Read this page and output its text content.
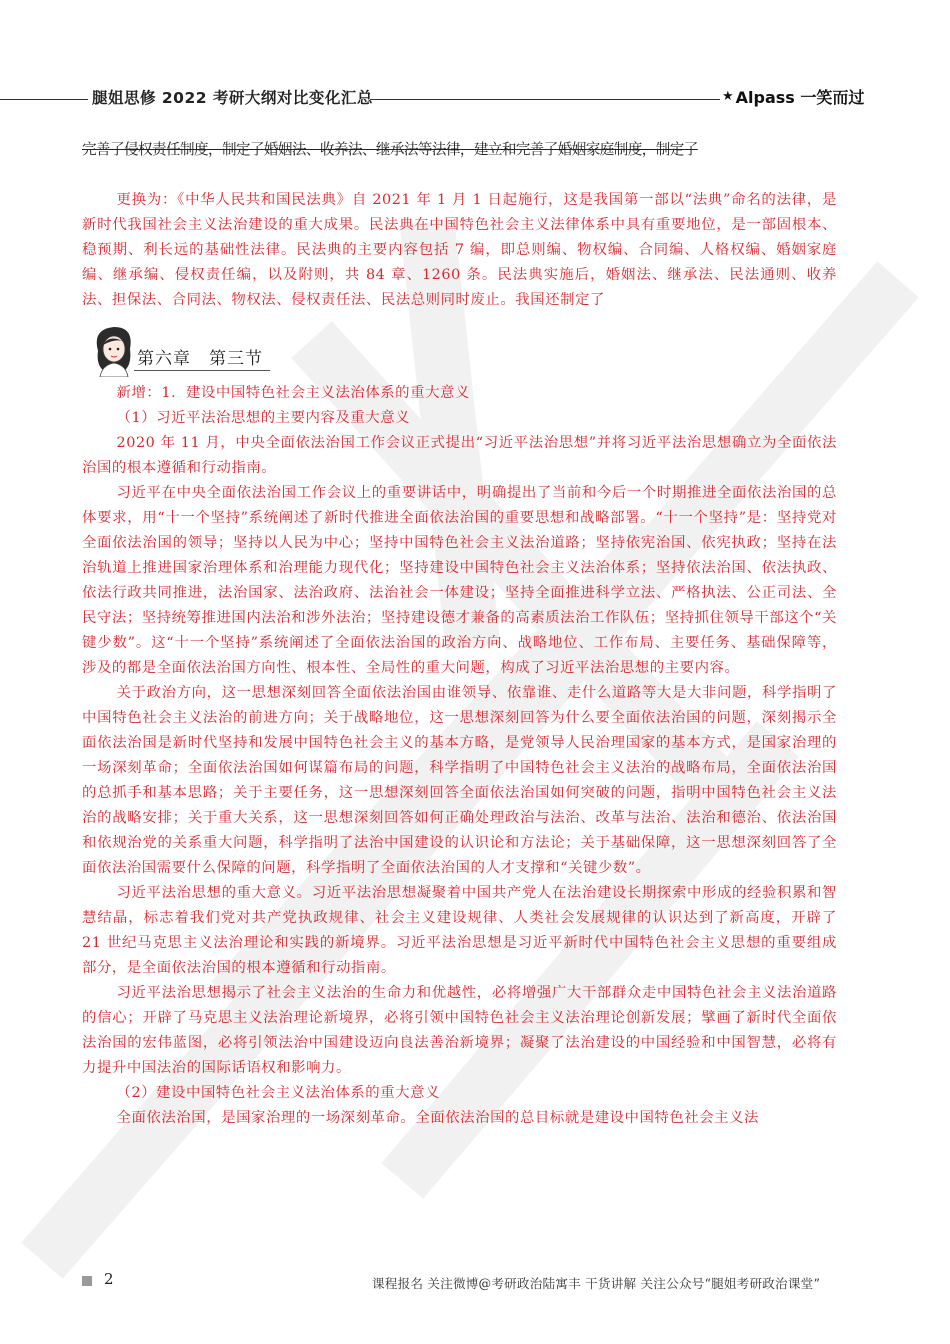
腿姐思修 2022 考研大纲对比变化汇总	★ Alpass 一笑而过
完善了侵权责任制度，制定了婚姻法、收养法、继承法等法律，建立和完善了婚姻家庭制度，制定了

更换为：《中华人民共和国民法典》自 2021 年 1 月 1 日起施行，这是我国第一部以“法典”命名的法律，是新时代我国社会主义法治建设的重大成果。民法典在中国特色社会主义法律体系中具有重要地位，是一部固根本、稳预期、利长远的基础性法律。民法典的主要内容包括 7 编，即总则编、物权编、合同编、人格权编、婚姻家庭编、继承编、侵权责任编，以及附则，共 84 章、1260 条。民法典实施后，婚姻法、继承法、民法通则、收养法、担保法、合同法、物权法、侵权责任法、民法总则同时废止。我国还制定了

第六章　第三节

新增：1．建设中国特色社会主义法治体系的重大意义

（1）习近平法治思想的主要内容及重大意义

2020 年 11 月，中央全面依法治国工作会议正式提出“习近平法治思想”并将习近平法治思想确立为全面依法治国的根本遵循和行动指南。

习近平在中央全面依法治国工作会议上的重要讲话中，明确提出了当前和今后一个时期推进全面依法治国的总体要求，用“十一个坚持”系统阐述了新时代推进全面依法治国的重要思想和战略部署。“十一个坚持”是：坚持党对全面依法治国的领导；坚持以人民为中心；坚持中国特色社会主义法治道路；坚持依宪治国、依宪执政；坚持在法治轨道上推进国家治理体系和治理能力现代化；坚持建设中国特色社会主义法治体系；坚持依法治国、依法执政、依法行政共同推进，法治国家、法治政府、法治社会一体建设；坚持全面推进科学立法、严格执法、公正司法、全民守法；坚持统筹推进国内法治和涉外法治；坚持建设德才兼备的高素质法治工作队伍；坚持抓住领导干部这个“关键少数”。这“十一个坚持”系统阐述了全面依法治国的政治方向、战略地位、工作布局、主要任务、基础保障等，涉及的都是全面依法治国方向性、根本性、全局性的重大问题，构成了习近平法治思想的主要内容。

关于政治方向，这一思想深刻回答全面依法治国由谁领导、依靠谁、走什么道路等大是大非问题，科学指明了中国特色社会主义法治的前进方向；关于战略地位，这一思想深刻回答为什么要全面依法治国的问题，深刻揭示全面依法治国是新时代坚持和发展中国特色社会主义的基本方略，是党领导人民治理国家的基本方式，是国家治理的一场深刻革命；全面依法治国如何谋篇布局的问题，科学指明了中国特色社会主义法治的战略布局，全面依法治国的总抓手和基本思路；关于主要任务，这一思想深刻回答全面依法治国如何突破的问题，指明中国特色社会主义法治的战略安排；关于重大关系，这一思想深刻回答如何正确处理政治与法治、改革与法治、法治和德治、依法治国和依规治党的关系重大问题，科学指明了法治中国建设的认识论和方法论；关于基础保障，这一思想深刻回答了全面依法治国需要什么保障的问题，科学指明了全面依法治国的人才支撑和“关键少数”。

习近平法治思想的重大意义。习近平法治思想凝聚着中国共产党人在法治建设长期探索中形成的经验积累和智慧结晶，标志着我们党对共产党执政规律、社会主义建设规律、人类社会发展规律的认识达到了新高度，开辟了 21 世纪马克思主义法治理论和实践的新境界。习近平法治思想是习近平新时代中国特色社会主义思想的重要组成部分，是全面依法治国的根本遵循和行动指南。

习近平法治思想揭示了社会主义法治的生命力和优越性，必将增强广大干部群众走中国特色社会主义法治道路的信心；开辟了马克思主义法治理论新境界，必将引领中国特色社会主义法治理论创新发展；擘画了新时代全面依法治国的宏伟蓝图，必将引领法治中国建设迈向良法善治新境界；凝聚了法治建设的中国经验和中国智慧，必将有力提升中国法治的国际话语权和影响力。

（2）建设中国特色社会主义法治体系的重大意义

全面依法治国，是国家治理的一场深刻革命。全面依法治国的总目标就是建设中国特色社会主义法

2	课程报名 关注微博@考研政治陆寓丰 干货讲解 关注公众号“腿姐考研政治课堂”
